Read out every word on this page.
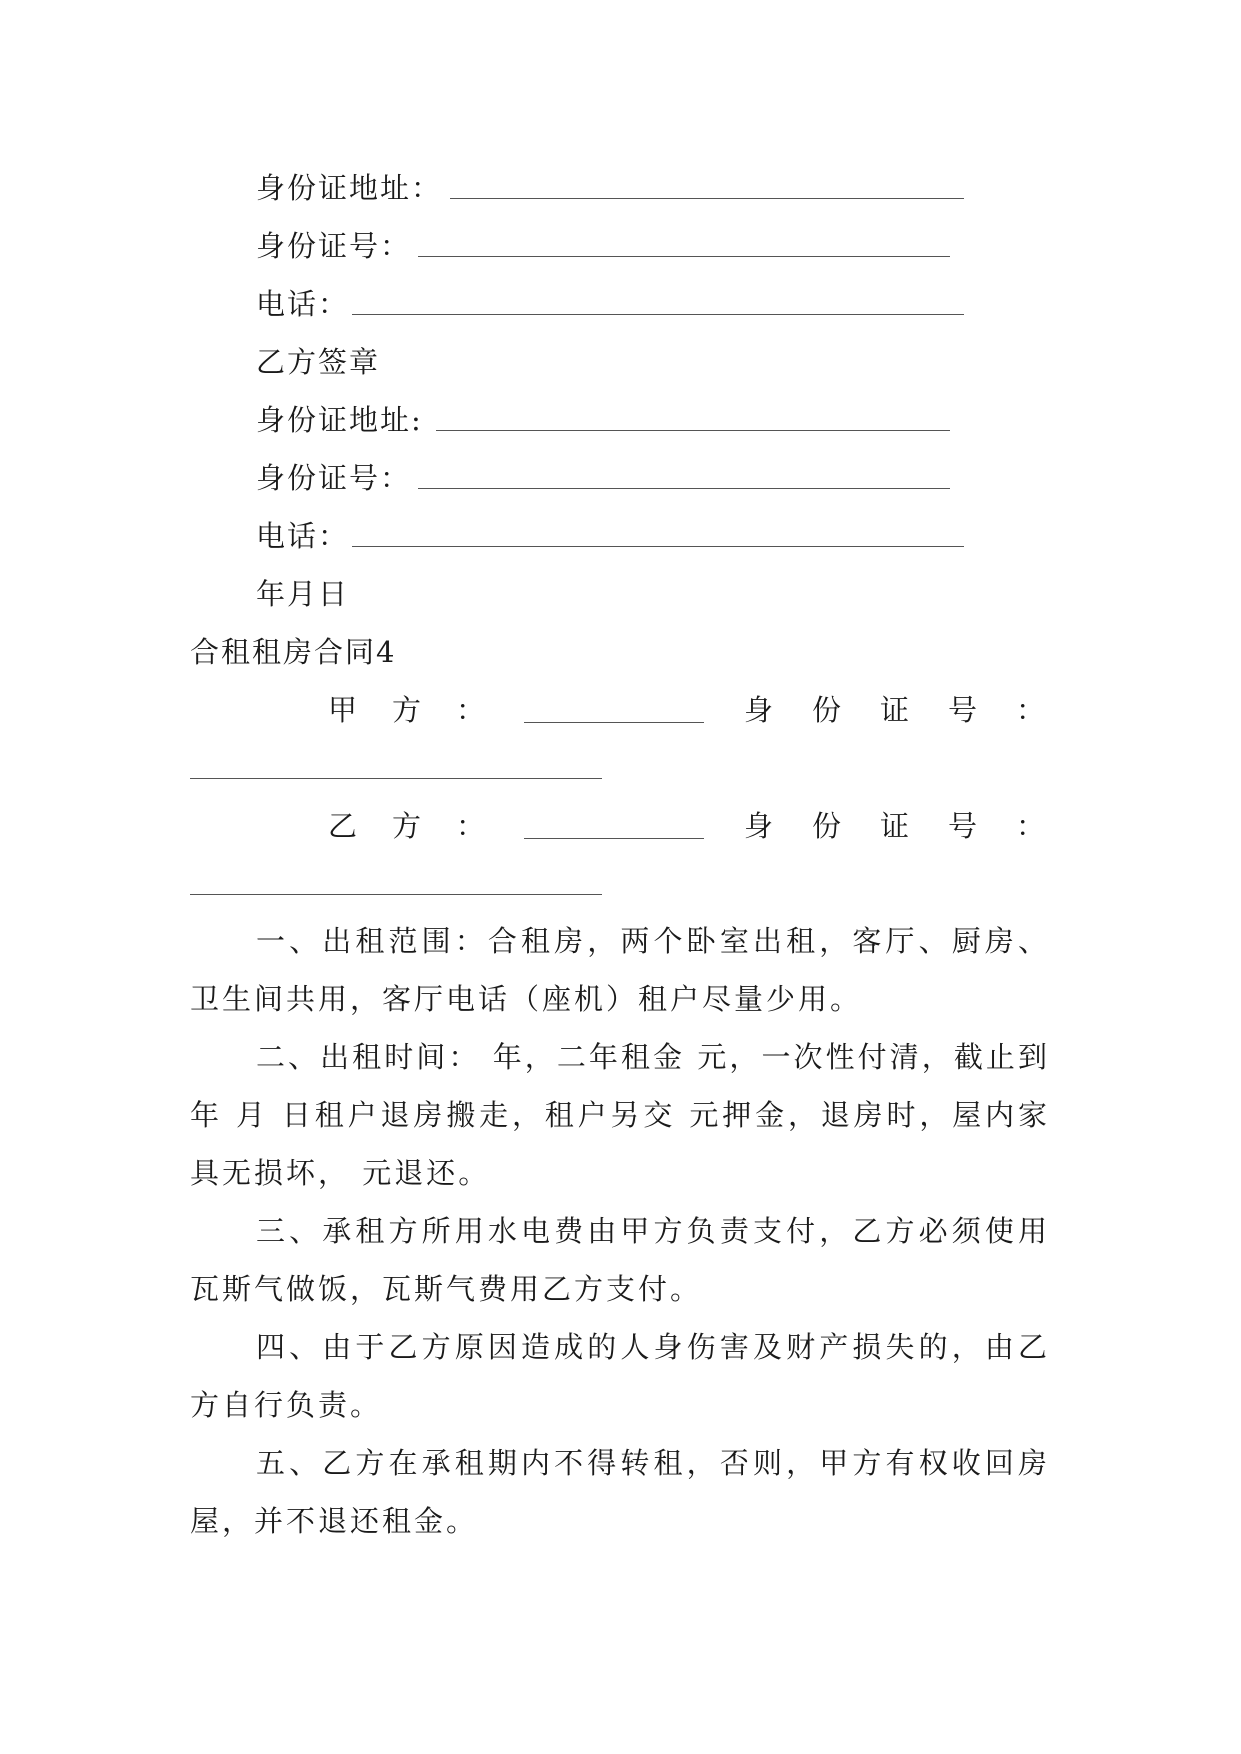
身份证地址：
身份证号：
电话：
乙方签章
身份证地址:
身份证号：
电话：
年月日
合租租房合同4
甲 方 ：	身 份 证 号 ：
乙 方 ：	身 份 证 号 ：
一、出租范围：合租房，两个卧室出租，客厅、厨房、卫生间共用，客厅电话（座机）租户尽量少用。
二、出租时间： 年，二年租金 元，一次性付清，截止到 年 月 日租户退房搬走，租户另交 元押金，退房时，屋内家具无损坏， 元退还。
三、承租方所用水电费由甲方负责支付，乙方必须使用瓦斯气做饭，瓦斯气费用乙方支付。
四、由于乙方原因造成的人身伤害及财产损失的，由乙方自行负责。
五、乙方在承租期内不得转租，否则，甲方有权收回房屋，并不退还租金。
